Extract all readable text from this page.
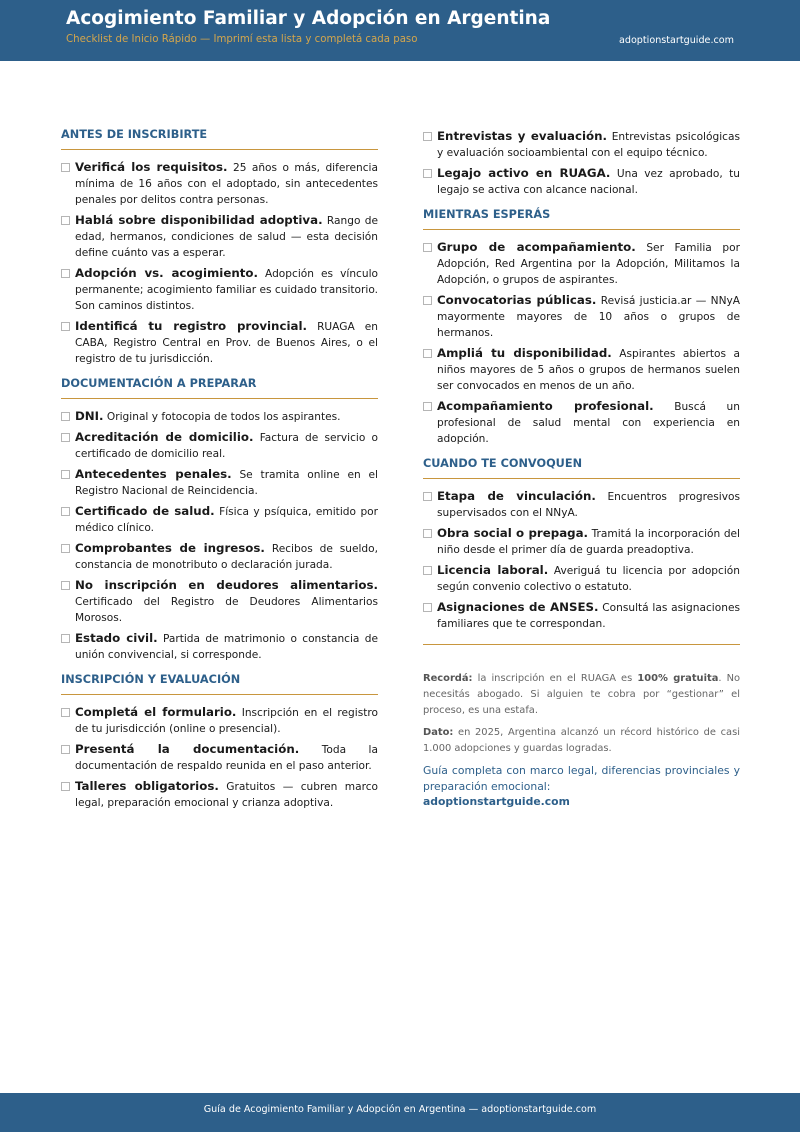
Acogimiento Familiar y Adopción en Argentina
Checklist de Inicio Rápido — Imprimí esta lista y completá cada paso	adoptionstartguide.com
ANTES DE INSCRIBIRTE
Verificá los requisitos. 25 años o más, diferencia mínima de 16 años con el adoptado, sin antecedentes penales por delitos contra personas.
Hablá sobre disponibilidad adoptiva. Rango de edad, hermanos, condiciones de salud — esta decisión define cuánto vas a esperar.
Adopción vs. acogimiento. Adopción es vínculo permanente; acogimiento familiar es cuidado transitorio. Son caminos distintos.
Identificá tu registro provincial. RUAGA en CABA, Registro Central en Prov. de Buenos Aires, o el registro de tu jurisdicción.
DOCUMENTACIÓN A PREPARAR
DNI. Original y fotocopia de todos los aspirantes.
Acreditación de domicilio. Factura de servicio o certificado de domicilio real.
Antecedentes penales. Se tramita online en el Registro Nacional de Reincidencia.
Certificado de salud. Física y psíquica, emitido por médico clínico.
Comprobantes de ingresos. Recibos de sueldo, constancia de monotributo o declaración jurada.
No inscripción en deudores alimentarios. Certificado del Registro de Deudores Alimentarios Morosos.
Estado civil. Partida de matrimonio o constancia de unión convivencial, si corresponde.
INSCRIPCIÓN Y EVALUACIÓN
Completá el formulario. Inscripción en el registro de tu jurisdicción (online o presencial).
Presentá la documentación. Toda la documentación de respaldo reunida en el paso anterior.
Talleres obligatorios. Gratuitos — cubren marco legal, preparación emocional y crianza adoptiva.
Entrevistas y evaluación. Entrevistas psicológicas y evaluación socioambiental con el equipo técnico.
Legajo activo en RUAGA. Una vez aprobado, tu legajo se activa con alcance nacional.
MIENTRAS ESPERÁS
Grupo de acompañamiento. Ser Familia por Adopción, Red Argentina por la Adopción, Militamos la Adopción, o grupos de aspirantes.
Convocatorias públicas. Revisá justicia.ar — NNyA mayormente mayores de 10 años o grupos de hermanos.
Ampliá tu disponibilidad. Aspirantes abiertos a niños mayores de 5 años o grupos de hermanos suelen ser convocados en menos de un año.
Acompañamiento profesional. Buscá un profesional de salud mental con experiencia en adopción.
CUANDO TE CONVOQUEN
Etapa de vinculación. Encuentros progresivos supervisados con el NNyA.
Obra social o prepaga. Tramitá la incorporación del niño desde el primer día de guarda preadoptiva.
Licencia laboral. Averiguá tu licencia por adopción según convenio colectivo o estatuto.
Asignaciones de ANSES. Consultá las asignaciones familiares que te correspondan.

Recordá: la inscripción en el RUAGA es 100% gratuita. No necesitás abogado. Si alguien te cobra por “gestionar” el proceso, es una estafa.

Dato: en 2025, Argentina alcanzó un récord histórico de casi 1.000 adopciones y guardas logradas.

Guía completa con marco legal, diferencias provinciales y preparación emocional:

adoptionstartguide.com
Guía de Acogimiento Familiar y Adopción en Argentina — adoptionstartguide.com
